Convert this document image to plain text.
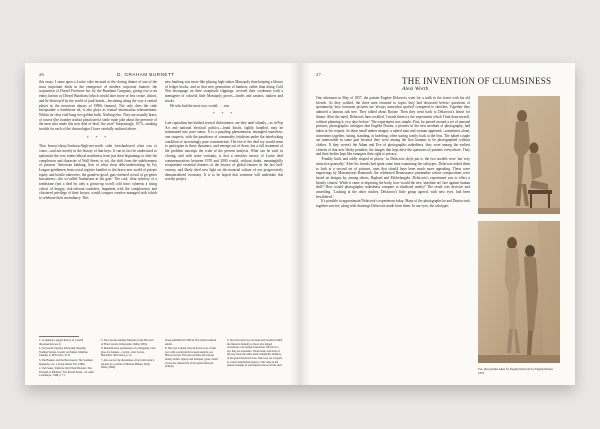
26	D. GRAHAM BURNETT

this essay, I came upon a Lucite cube encased at the closing dinner of one of the most important deals in the emergence of modern corporate finance: the acquisition of Drexel Firestone Inc. by the Burnham Company, giving rise to an entity known as Drexel Burnham (which would later more or less create, distort, and be destroyed by the world of junk bonds—becoming along the way a central player in the notorious abuses of 1980s finance). Not only does the cube encapsulate a tombstone ad, it also plays as textual information rehearsement. Within its clear void hang two golden bulls. Nothing else. They are actually brass, of course (the founder artifact plasticized a cattle trade joke about the presence of the men who made this new deal of deal, 'the year!' Surprisingly, 1973—making trouble for each of the chronologies I have carefully outlined above.

* * *

That brassy/classy/lowbrow/high-net-worth cube foreshadowed what was to come—and not merely in the history of that keys. It can in fact be understood to epitomize the very seems-ethical murkiness from just their beginnings to alter the complexion and character of Wall Street: to wit, the shift from the stubbornness of postwar 'American banking, lists of what short debt-underwriting by Ivy League gentlemen from social register families to the brave new world of private equity and hostile takeovers, the grand-to-good, guts-oriented crowd of go-getter buccaneers—the so-called 'barbarians at the gate.' The cool, clear sobriety of a tombstone (not a deal by only a grown-up word) cold time; whereas a rising cohort of hungry, risk-tolerant outsiders, impatient with the complacency and cloistered privilege of their bosses, would conquer creative managed with which to celebrate their ascendancy. This

new banking was more like playing high-stakes Monopoly than keeping a library of ledger books, and so that new generation of bankers, rather than doing Cold War decoupage on their scrapbook clippings, covered their credenzas with a menagerie of colorful little Monopoly pieces—hotels and casinos, tankers and trucks.

He who had the most toys would . . . win.

* * *

Late capitalism has birthed several dichotomies: are they until vilantly—as in Pop Art and national electoral politics—frank kitsch, tightly handled, may be transmuted into pure status. It is a puzzling phenomenon, entangled somehow; one suspects, with the paradoxes of commodity fetishism under the interlocking condition of increasingly pure consumerism. The rise of the deal toy would seem to participate in these dynamics, and emerge out of them, but a full treatment of the problem outstrips the scale of the present analysis. What can be said, in closing, and with some certainty, is that a sensitive survey of Lucite deal commemoratives between 1970 and 2000 would, without doubt, meaningfully recapitulate essential features of the history of global finance in the last half-century, and likely shed new light on the material culture of our progressively dematerialized economy. It is to be hoped that someone will undertake this worthy project.

1. To unmark a jagged history of a useful disconnection see Jr.

2. See Gordon Snyder, Decapsing Sleeping: Nothing Stories, Jewelry on Pumps, Matthias Chemin, at 1870; Ibid., 45 ff.

3. The Bankers and the Buccaneers: The Southern Magazine, vol. 1 (Long Island, Nov 1988).

4. Tom Sauer, 'Remove Only Their Pleasure: The Problem of Publicity,' The Fourth Estate, vol. Anth Cellomeyer, 1848, p. 71.

5. The Lucerne Antique Museum of the Baccarat of Fine Lucerne Lithographs 1940s (1965).

6. Museum-level permanence of cataloguing: clear glass for bankers—crystal, cubic Lucite, Macomb's Wall Street, p. 14.

7. Also see for the dissolution of the form when it appears in a profile of Michael Milken, Daily Deals (1984).

Dosqi published in 1969 in The Grifted without details.

8. The toys scripted artwork in the story of deal toys with a particularly focused analysis, see Horace Gravel. This also includes the various mostly artistic objects and trumpets, gates, which covers the cultural life of the global financial industry.

9. Note that deal toys are made and awarded within the financial industry to those who helped orchestrate a successful transaction. Which is to say, they are souvenirs. Trade hands, and most of the toys share the same small commodity intimacy of the global financial class. Deal toys are accepted as coded, institutional objects, with value in the shared nostalgia of participants who recall the deal.

27
THE INVENTION OF CLUMSINESS
Alexi Worth

One afternoon in May of 1857, the painter Eugène Delacroix went for a walk in the forest with his old friends. As they walked, the three men returned to topics they had discussed before: questions of spontaneity, how fortunate pictures are 'always somewhat spoiled' compared to sketches. Together they admired a famous oak tree. They talked about Racine. Then they went back to Delacroix's house for dinner. After the meal, Delacroix later recalled, 'I made them try the experiment which I had done myself, without planning it, two days before.' The experiment was simple. First, he passed around a set of unusual pictures, photographic calotypes that Eugène Durieu, a pioneer in the new medium of photography, had taken at his request. In these small amber images, a naked man and woman appeared—sometimes alone, sometimes together, sitting, standing, or kneeling, often staring warily back at the lens. The naked couple are memorable in some part because they were among the first humans to be photographed without clothes. If they weren't the Adam and Eve of photographic nakedness, they were among the earliest citizens of that new fleshy paradise, the images that kept alive the questions of painters everywhere. They and their bodies kept like strangers their right to privacy.

'Frankly built, and oddly shaped in places,' as Delacroix dryly put it, the two models were 'not very attractive generally.' After his friends had spent some time examining the calotypes, Delacroix asked them to look at a second set of pictures, ones that should have been much more appealing. These were engravings by Marcantonio Raimondi, the celebrated Renaissance printmaker whose compositions were based on designs by, among others, Raphael and Michelangelo. Delacroix's experiment was to effect a beastly contest. While it came to depicting the body, how would the new 'machine art' fare against human skill? How would photographic nakedness compare to idealized nudity? The result was decisive and unsettling. 'Looking at the other studies, Delacroix's little group agreed, with new eyes, had been bewildered.'

It's possible to approximate Delacroix's experiment today. Many of the photographs he and Durieu took together survive, along with drawings Delacroix made from them. In our eyes, the calotypes

Two photographs taken for Eugène Delacroix by Eugène Durieu, 1853.
